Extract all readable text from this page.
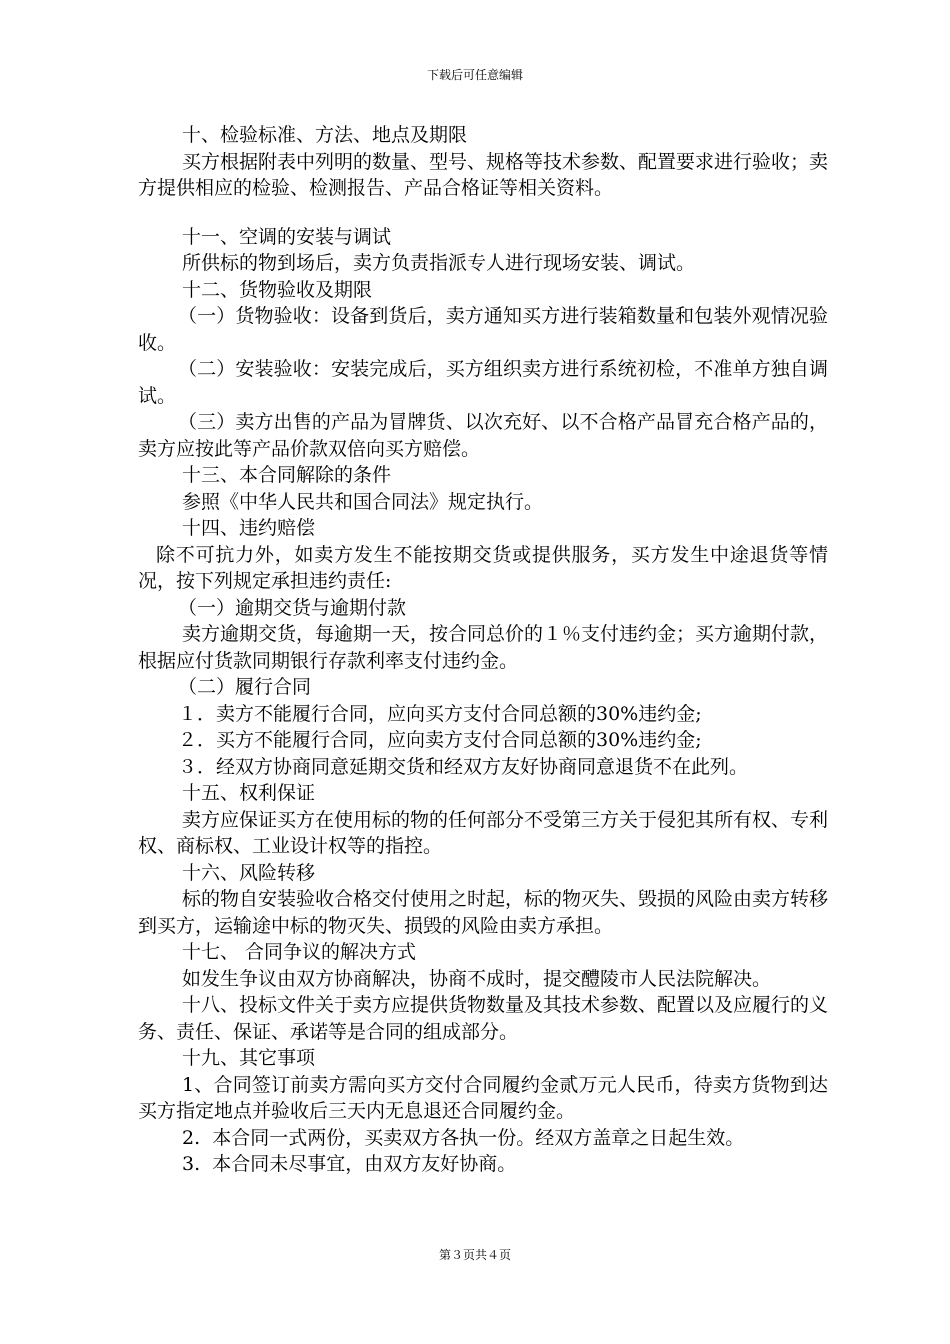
下载后可任意编辑

十、检验标准、方法、地点及期限

买方根据附表中列明的数量、型号、规格等技术参数、配置要求进行验收；卖方提供相应的检验、检测报告、产品合格证等相关资料。

十一、空调的安装与调试

所供标的物到场后，卖方负责指派专人进行现场安装、调试。

十二、货物验收及期限

（一）货物验收：设备到货后，卖方通知买方进行装箱数量和包装外观情况验收。

（二）安装验收：安装完成后，买方组织卖方进行系统初检，不准单方独自调试。

（三）卖方出售的产品为冒牌货、以次充好、以不合格产品冒充合格产品的，卖方应按此等产品价款双倍向买方赔偿。

十三、本合同解除的条件

参照《中华人民共和国合同法》规定执行。

十四、违约赔偿

除不可抗力外，如卖方发生不能按期交货或提供服务，买方发生中途退货等情况，按下列规定承担违约责任:

（一）逾期交货与逾期付款

卖方逾期交货，每逾期一天，按合同总价的１％支付违约金；买方逾期付款，根据应付货款同期银行存款利率支付违约金。

（二）履行合同

１．卖方不能履行合同，应向买方支付合同总额的30%违约金;

２．买方不能履行合同，应向卖方支付合同总额的30%违约金;

３．经双方协商同意延期交货和经双方友好协商同意退货不在此列。

十五、权利保证

卖方应保证买方在使用标的物的任何部分不受第三方关于侵犯其所有权、专利权、商标权、工业设计权等的指控。

十六、风险转移

标的物自安装验收合格交付使用之时起，标的物灭失、毁损的风险由卖方转移到买方，运输途中标的物灭失、损毁的风险由卖方承担。

十七、 合同争议的解决方式

如发生争议由双方协商解决，协商不成时，提交醴陵市人民法院解决。

十八、投标文件关于卖方应提供货物数量及其技术参数、配置以及应履行的义务、责任、保证、承诺等是合同的组成部分。

十九、其它事项

1、合同签订前卖方需向买方交付合同履约金贰万元人民币，待卖方货物到达买方指定地点并验收后三天内无息退还合同履约金。

2.  本合同一式两份，买卖双方各执一份。经双方盖章之日起生效。

3.  本合同未尽事宜，由双方友好协商。

第３页共４页
